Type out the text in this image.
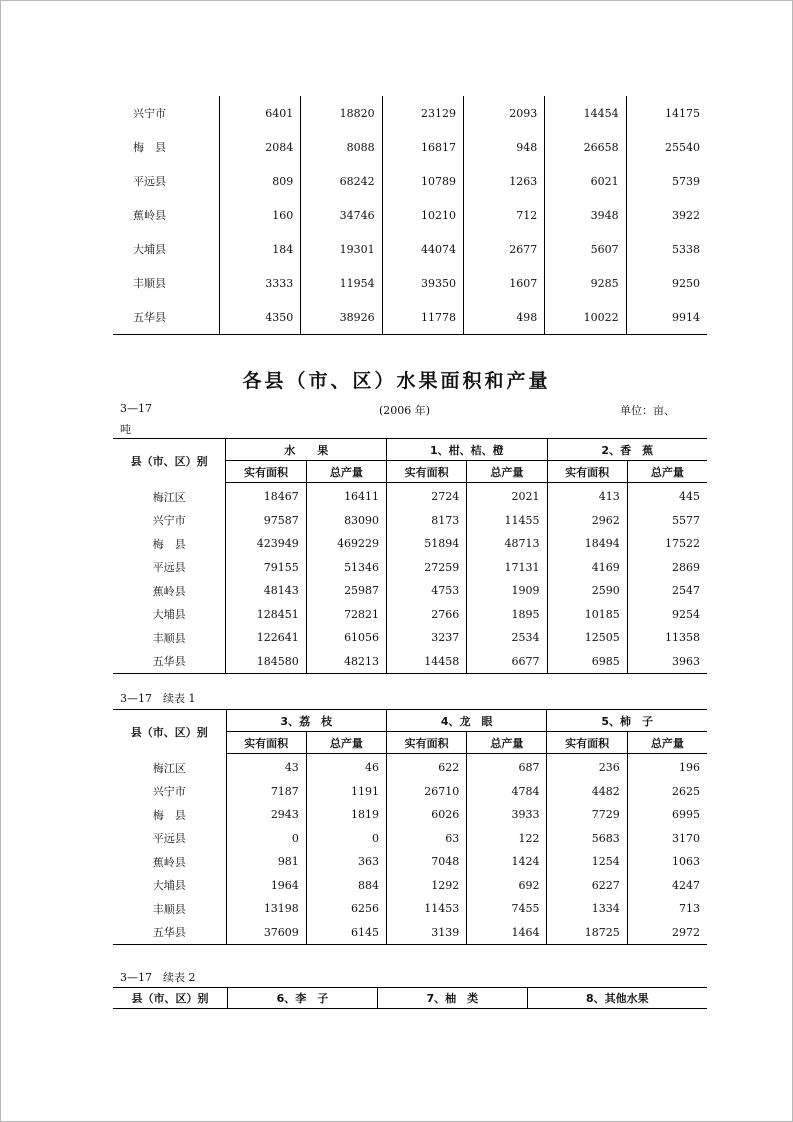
兴宁市	6401	18820	23129	2093	14454	14175
梅　县	2084	8088	16817	948	26658	25540
平远县	809	68242	10789	1263	6021	5739
蕉岭县	160	34746	10210	712	3948	3922
大埔县	184	19301	44074	2677	5607	5338
丰顺县	3333	11954	39350	1607	9285	9250
五华县	4350	38926	11778	498	10022	9914
各县（市、区）水果面积和产量
3—17	(2006 年)	单位：亩、
吨
县（市、区）别	水　　果		1、柑、桔、橙		2、香　蕉	
	实有面积	总产量	实有面积	总产量	实有面积	总产量
梅江区	18467	16411	2724	2021	413	445
兴宁市	97587	83090	8173	11455	2962	5577
梅　县	423949	469229	51894	48713	18494	17522
平远县	79155	51346	27259	17131	4169	2869
蕉岭县	48143	25987	4753	1909	2590	2547
大埔县	128451	72821	2766	1895	10185	9254
丰顺县	122641	61056	3237	2534	12505	11358
五华县	184580	48213	14458	6677	6985	3963
3—17　续表 1
县（市、区）别	3、荔　枝		4、龙　眼		5、柿　子	
	实有面积	总产量	实有面积	总产量	实有面积	总产量
梅江区	43	46	622	687	236	196
兴宁市	7187	1191	26710	4784	4482	2625
梅　县	2943	1819	6026	3933	7729	6995
平远县	0	0	63	122	5683	3170
蕉岭县	981	363	7048	1424	1254	1063
大埔县	1964	884	1292	692	6227	4247
丰顺县	13198	6256	11453	7455	1334	713
五华县	37609	6145	3139	1464	18725	2972
3—17　续表 2
县（市、区）别	6、李　子	7、柚　类	8、其他水果
